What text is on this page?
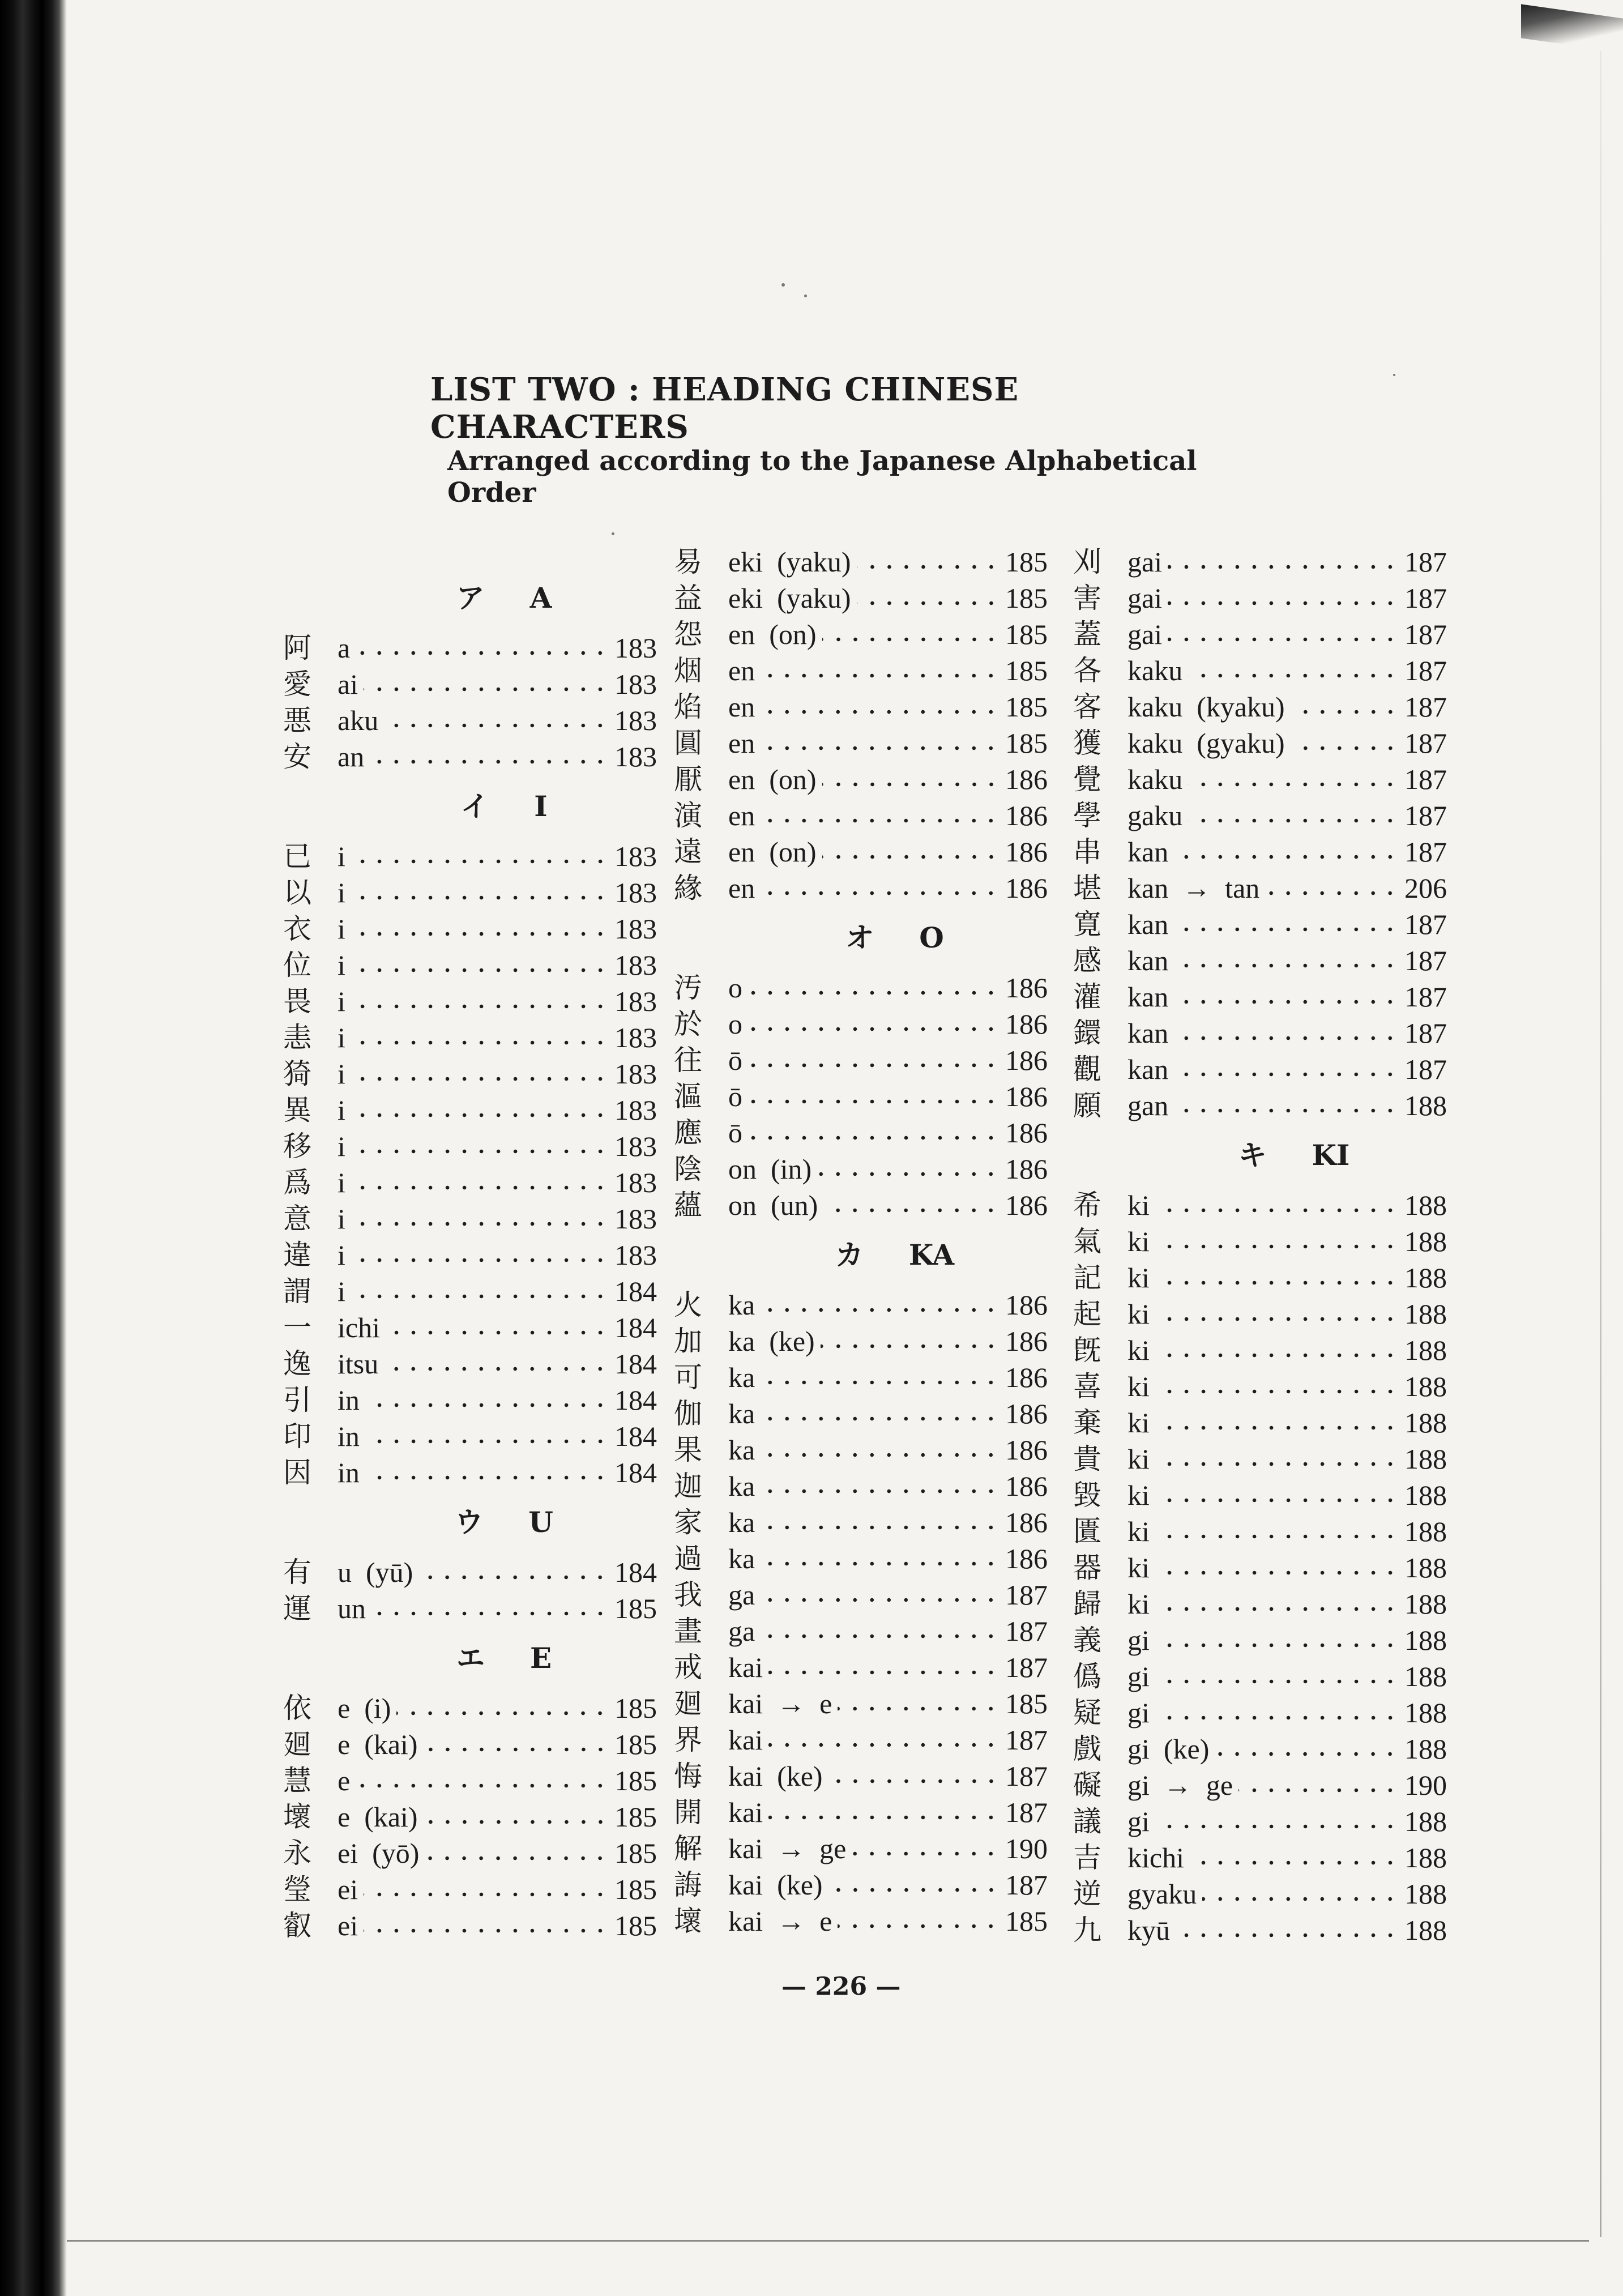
LIST TWO : HEADING CHINESE CHARACTERS
Arranged according to the Japanese Alphabetical Order
ア A
阿 a	183
愛 ai	183
悪 aku	183
安 an	183
イ I
已 i	183
以 i	183
衣 i	183
位 i	183
畏 i	183
恚 i	183
猗 i	183
異 i	183
移 i	183
爲 i	183
意 i	183
違 i	183
謂 i	184
一 ichi	184
逸 itsu	184
引 in	184
印 in	184
因 in	184
ウ U
有 u  (yū)	184
運 un	185
エ E
依 e  (i)	185
廻 e  (kai)	185
慧 e	185
壞 e  (kai)	185
永 ei  (yō)	185
瑩 ei	185
叡 ei	185
易 eki  (yaku)	185
益 eki  (yaku)	185
怨 en  (on)	185
烟 en	185
焰 en	185
圓 en	185
厭 en  (on)	186
演 en	186
遠 en  (on)	186
緣 en	186
オ O
汚 o	186
於 o	186
往 ō	186
漚 ō	186
應 ō	186
陰 on  (in)	186
蘊 on  (un)	186
カ KA
火 ka	186
加 ka  (ke)	186
可 ka	186
伽 ka	186
果 ka	186
迦 ka	186
家 ka	186
過 ka	186
我 ga	187
畫 ga	187
戒 kai	187
廻 kai  →  e	185
界 kai	187
悔 kai  (ke)	187
開 kai	187
解 kai  →  ge	190
誨 kai  (ke)	187
壞 kai  →  e	185
刈 gai	187
害 gai	187
蓋 gai	187
各 kaku	187
客 kaku  (kyaku)	187
獲 kaku  (gyaku)	187
覺 kaku	187
學 gaku	187
串 kan	187
堪 kan  →  tan	206
寛 kan	187
感 kan	187
灌 kan	187
鐶 kan	187
觀 kan	187
願 gan	188
キ KI
希 ki	188
氣 ki	188
記 ki	188
起 ki	188
旣 ki	188
喜 ki	188
棄 ki	188
貴 ki	188
毀 ki	188
匱 ki	188
器 ki	188
歸 ki	188
義 gi	188
僞 gi	188
疑 gi	188
戲 gi  (ke)	188
礙 gi  →  ge	190
議 gi	188
吉 kichi	188
逆 gyaku	188
九 kyū	188
— 226 —
